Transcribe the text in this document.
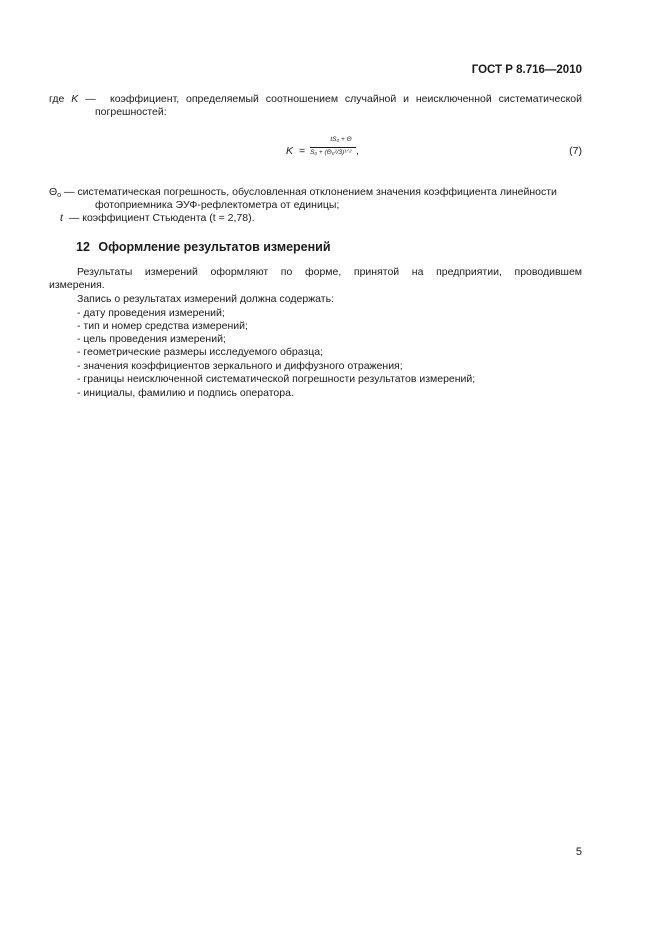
ГОСТ Р 8.716—2010
где K — коэффициент, определяемый соотношением случайной и неисключенной систематической
погрешностей:
K =
tS₀ + Θ
S₀ + (Θ₀²/3)¹ᐟ² ,	(7)
$\Theta_о$ — систематическая погрешность, обусловленная отклонением значения коэффициента линейности
фотоприемника ЭУФ-рефлектометра от единицы;
t — коэффициент Стьюдента (t = 2,78).
12 Оформление результатов измерений
Результаты измерений оформляют по форме, принятой на предприятии, проводившем
измерения.
Запись о результатах измерений должна содержать:
- дату проведения измерений;
- тип и номер средства измерений;
- цель проведения измерений;
- геометрические размеры исследуемого образца;
- значения коэффициентов зеркального и диффузного отражения;
- границы неисключенной систематической погрешности результатов измерений;
- инициалы, фамилию и подпись оператора.
5
